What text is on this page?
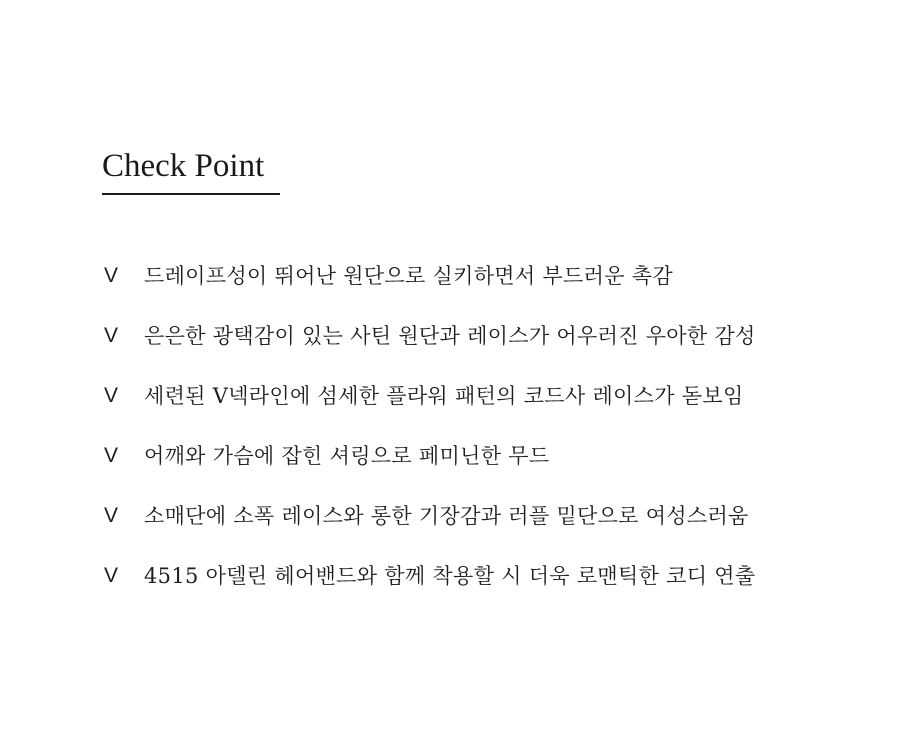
Check Point
V 드레이프성이 뛰어난 원단으로 실키하면서 부드러운 촉감
V 은은한 광택감이 있는 사틴 원단과 레이스가 어우러진 우아한 감성
V 세련된 V넥라인에 섬세한 플라워 패턴의 코드사 레이스가 돋보임
V 어깨와 가슴에 잡힌 셔링으로 페미닌한 무드
V 소매단에 소폭 레이스와 롱한 기장감과 러플 밑단으로 여성스러움
V 4515 아델린 헤어밴드와 함께 착용할 시 더욱 로맨틱한 코디 연출
